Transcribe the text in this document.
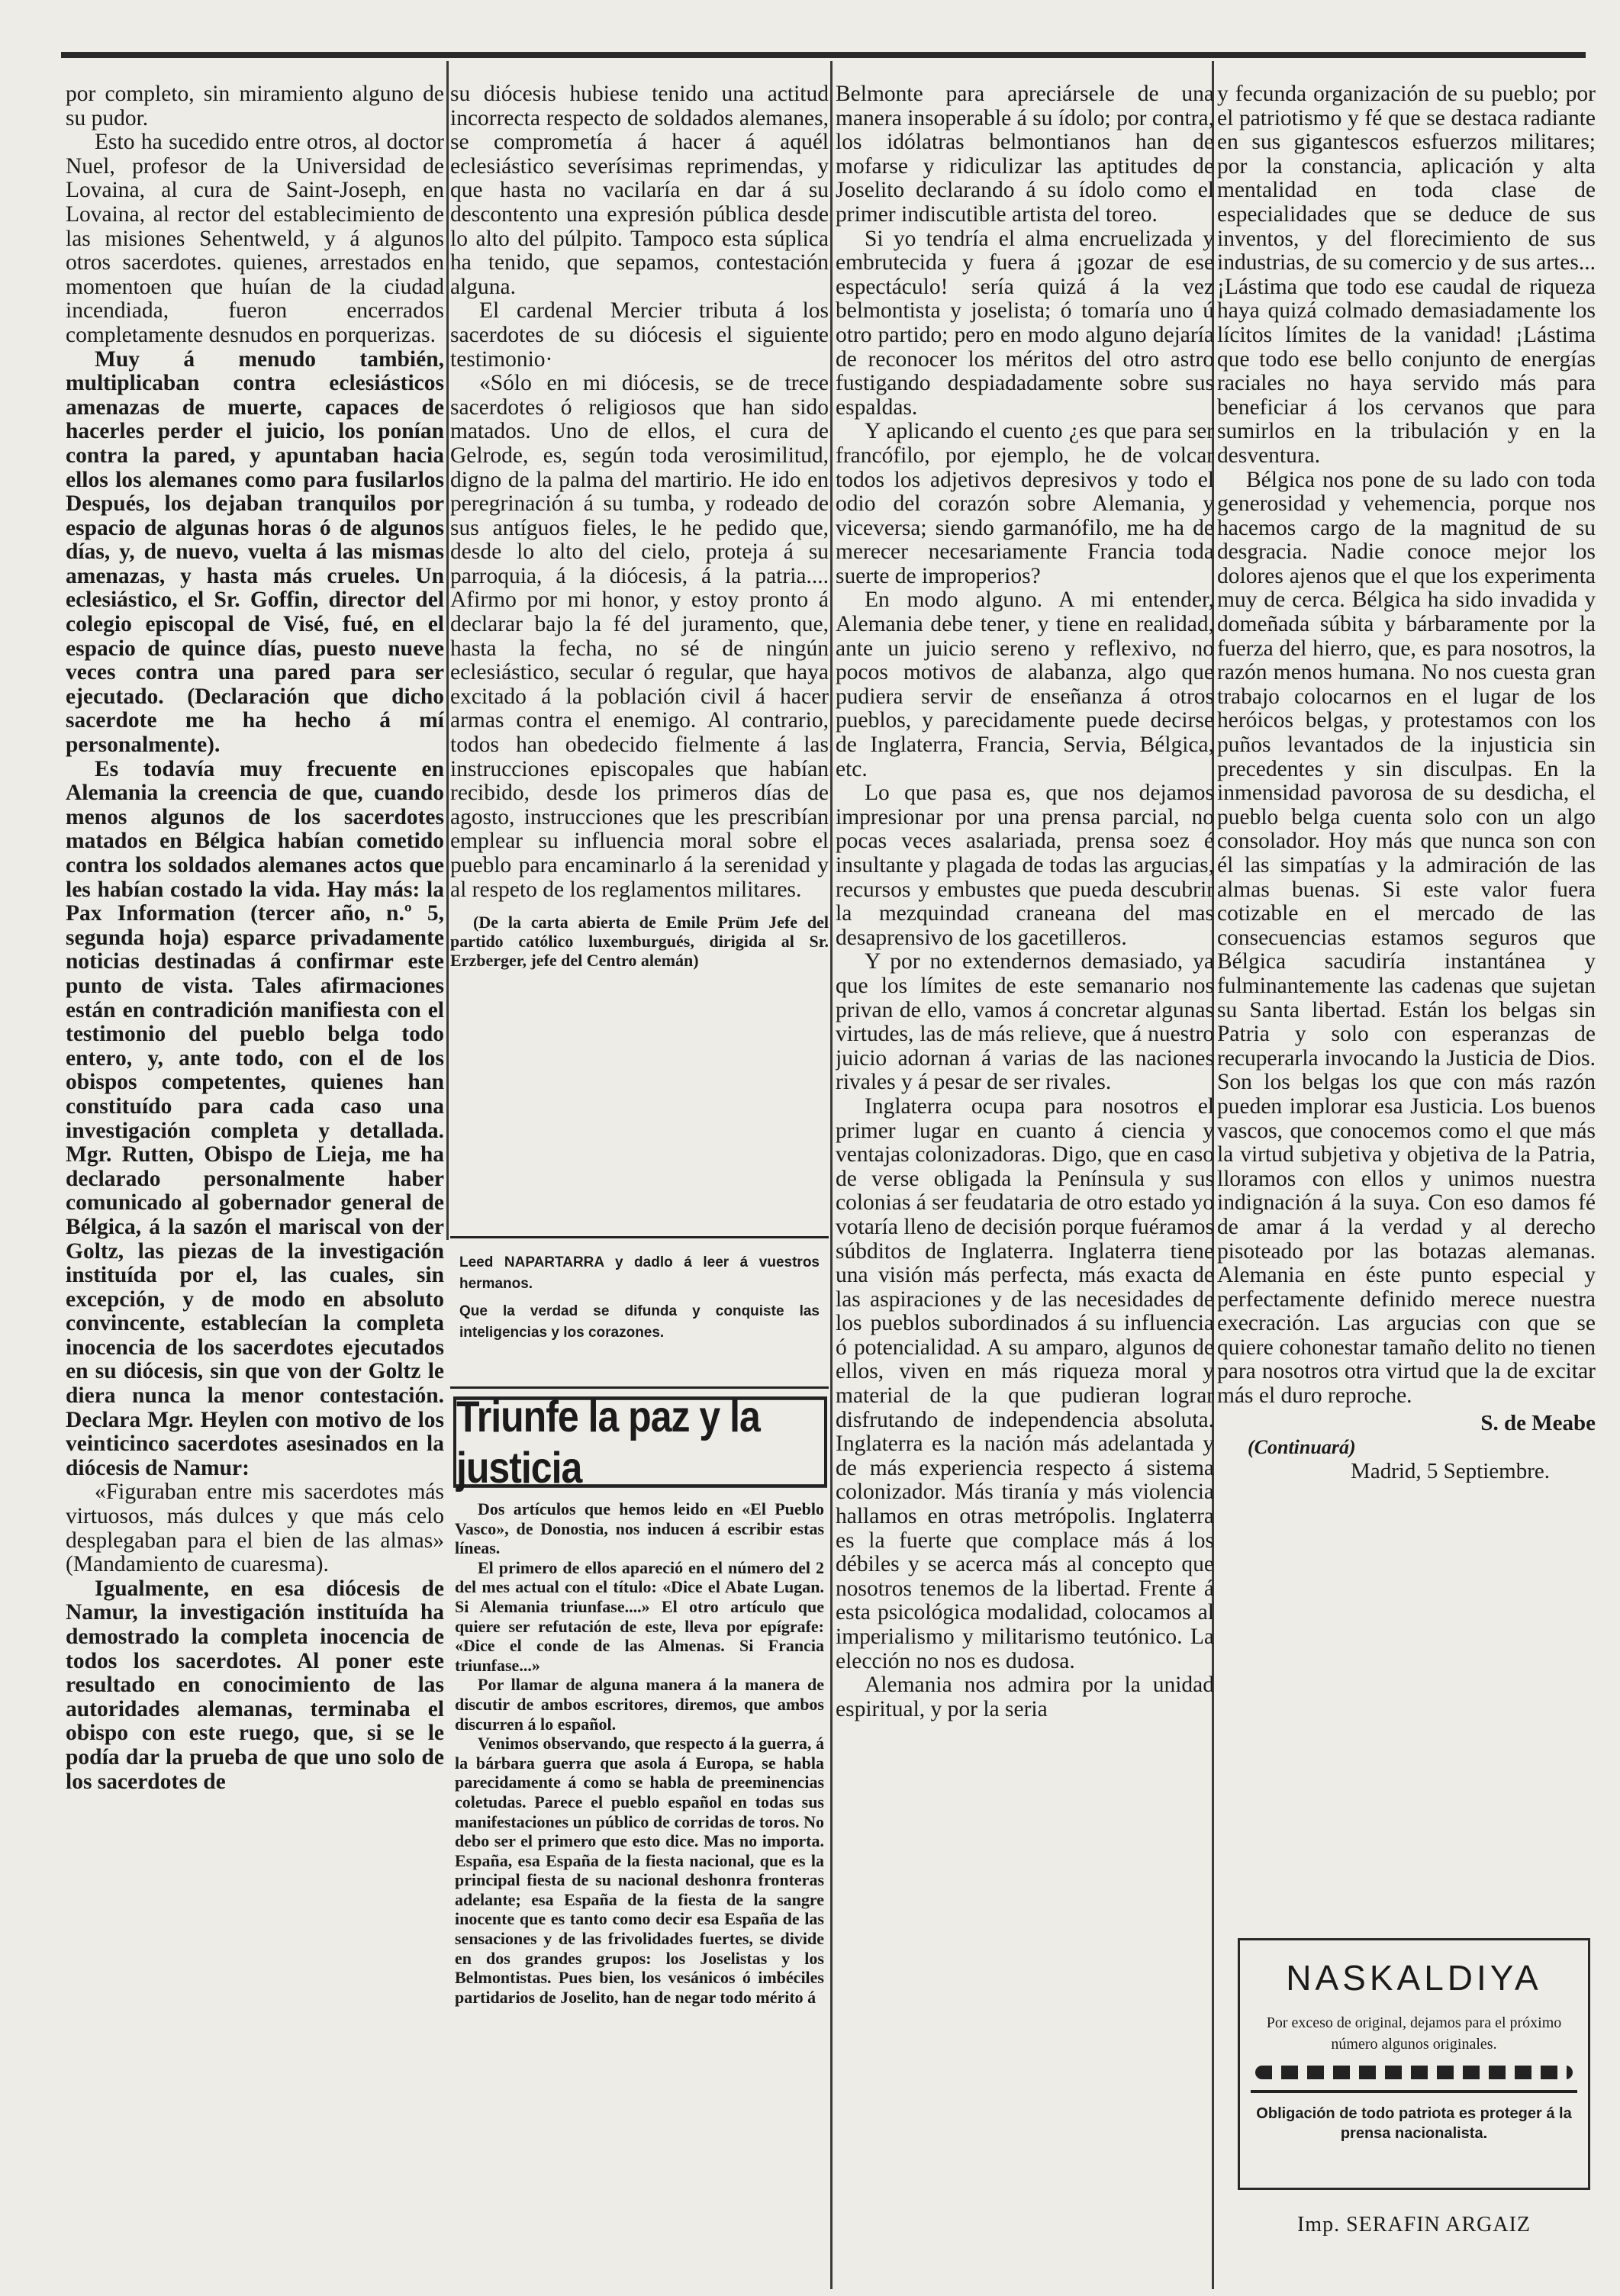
por completo, sin miramiento alguno de su pudor.

Esto ha sucedido entre otros, al doctor Nuel, profesor de la Universidad de Lovaina, al cura de Saint-Joseph, en Lovaina, al rector del establecimiento de las misiones Sehentweld, y á algunos otros sacerdotes. quienes, arrestados en momentoen que huían de la ciudad incendiada, fueron encerrados completamente desnudos en porquerizas.

Muy á menudo también, multiplicaban contra eclesiásticos amenazas de muerte, capaces de hacerles perder el juicio, los ponían contra la pared, y apuntaban hacia ellos los alemanes como para fusilarlos Después, los dejaban tranquilos por espacio de algunas horas ó de algunos días, y, de nuevo, vuelta á las mismas amenazas, y hasta más crueles. Un eclesiástico, el Sr. Goffin, director del colegio episcopal de Visé, fué, en el espacio de quince días, puesto nueve veces contra una pared para ser ejecutado. (Declaración que dicho sacerdote me ha hecho á mí personalmente).

Es todavía muy frecuente en Alemania la creencia de que, cuando menos algunos de los sacerdotes matados en Bélgica habían cometido contra los soldados alemanes actos que les habían costado la vida. Hay más: la Pax Information (tercer año, n.º 5, segunda hoja) esparce privadamente noticias destinadas á confirmar este punto de vista. Tales afirmaciones están en contradición manifiesta con el testimonio del pueblo belga todo entero, y, ante todo, con el de los obispos competentes, quienes han constituído para cada caso una investigación completa y detallada. Mgr. Rutten, Obispo de Lieja, me ha declarado personalmente haber comunicado al gobernador general de Bélgica, á la sazón el mariscal von der Goltz, las piezas de la investigación instituída por el, las cuales, sin excepción, y de modo en absoluto convincente, establecían la completa inocencia de los sacerdotes ejecutados en su diócesis, sin que von der Goltz le diera nunca la menor contestación. Declara Mgr. Heylen con motivo de los veinticinco sacerdotes asesinados en la diócesis de Namur:

«Figuraban entre mis sacerdotes más virtuosos, más dulces y que más celo desplegaban para el bien de las almas» (Mandamiento de cuaresma).

Igualmente, en esa diócesis de Namur, la investigación instituída ha demostrado la completa inocencia de todos los sacerdotes. Al poner este resultado en conocimiento de las autoridades alemanas, terminaba el obispo con este ruego, que, si se le podía dar la prueba de que uno solo de los sacerdotes de

su diócesis hubiese tenido una actitud incorrecta respecto de soldados alemanes, se comprometía á hacer á aquél eclesiástico severísimas reprimendas, y que hasta no vacilaría en dar á su descontento una expresión pública desde lo alto del púlpito. Tampoco esta súplica ha tenido, que sepamos, contestación alguna.

El cardenal Mercier tributa á los sacerdotes de su diócesis el siguiente testimonio·

«Sólo en mi diócesis, se de trece sacerdotes ó religiosos que han sido matados. Uno de ellos, el cura de Gelrode, es, según toda verosimilitud, digno de la palma del martirio. He ido en peregrinación á su tumba, y rodeado de sus antíguos fieles, le he pedido que, desde lo alto del cielo, proteja á su parroquia, á la diócesis, á la patria.... Afirmo por mi honor, y estoy pronto á declarar bajo la fé del juramento, que, hasta la fecha, no sé de ningún eclesiástico, secular ó regular, que haya excitado á la población civil á hacer armas contra el enemigo. Al contrario, todos han obedecido fielmente á las instrucciones episcopales que habían recibido, desde los primeros días de agosto, instrucciones que les prescribían emplear su influencia moral sobre el pueblo para encaminarlo á la serenidad y al respeto de los reglamentos militares.

(De la carta abierta de Emile Prüm Jefe del partido católico luxemburgués, dirigida al Sr. Erzberger, jefe del Centro alemán)

Leed NAPARTARRA y dadlo á leer á vuestros hermanos.
Que la verdad se difunda y conquiste las inteligencias y los corazones.
Triunfe la paz y la justicia

Dos artículos que hemos leido en «El Pueblo Vasco», de Donostia, nos inducen á escribir estas líneas.

El primero de ellos apareció en el número del 2 del mes actual con el título: «Dice el Abate Lugan. Si Alemania triunfase....» El otro artículo que quiere ser refutación de este, lleva por epígrafe: «Dice el conde de las Almenas. Si Francia triunfase...»

Por llamar de alguna manera á la manera de discutir de ambos escritores, diremos, que ambos discurren á lo español.

Venimos observando, que respecto á la guerra, á la bárbara guerra que asola á Europa, se habla parecidamente á como se habla de preeminencias coletudas. Parece el pueblo español en todas sus manifestaciones un público de corridas de toros. No debo ser el primero que esto dice. Mas no importa. España, esa España de la fiesta nacional, que es la principal fiesta de su nacional deshonra fronteras adelante; esa España de la fiesta de la sangre inocente que es tanto como decir esa España de las sensaciones y de las frivolidades fuertes, se divide en dos grandes grupos: los Joselistas y los Belmontistas. Pues bien, los vesánicos ó imbéciles partidarios de Joselito, han de negar todo mérito á

Belmonte para apreciársele de una manera insoperable á su ídolo; por contra, los idólatras belmontianos han de mofarse y ridiculizar las aptitudes de Joselito declarando á su ídolo como el primer indiscutible artista del toreo.

Si yo tendría el alma encruelizada y embrutecida y fuera á ¡gozar de ese espectáculo! sería quizá á la vez belmontista y joselista; ó tomaría uno ú otro partido; pero en modo alguno dejaría de reconocer los méritos del otro astro fustigando despiadadamente sobre sus espaldas.

Y aplicando el cuento ¿es que para ser francófilo, por ejemplo, he de volcar todos los adjetivos depresivos y todo el odio del corazón sobre Alemania, y viceversa; siendo garmanófilo, me ha de merecer necesariamente Francia toda suerte de improperios?

En modo alguno. A mi entender, Alemania debe tener, y tiene en realidad, ante un juicio sereno y reflexivo, no pocos motivos de alabanza, algo que pudiera servir de enseñanza á otros pueblos, y parecidamente puede decirse de Inglaterra, Francia, Servia, Bélgica, etc.

Lo que pasa es, que nos dejamos impresionar por una prensa parcial, no pocas veces asalariada, prensa soez é insultante y plagada de todas las argucias, recursos y embustes que pueda descubrir la mezquindad craneana del mas desaprensivo de los gacetilleros.

Y por no extendernos demasiado, ya que los límites de este semanario nos privan de ello, vamos á concretar algunas virtudes, las de más relieve, que á nuestro juicio adornan á varias de las naciones rivales y á pesar de ser rivales.

Inglaterra ocupa para nosotros el primer lugar en cuanto á ciencia y ventajas colonizadoras. Digo, que en caso de verse obligada la Península y sus colonias á ser feudataria de otro estado yo votaría lleno de decisión porque fuéramos súbditos de Inglaterra. Inglaterra tiene una visión más perfecta, más exacta de las aspiraciones y de las necesidades de los pueblos subordinados á su influencia ó potencialidad. A su amparo, algunos de ellos, viven en más riqueza moral y material de la que pudieran lograr disfrutando de independencia absoluta. Inglaterra es la nación más adelantada y de más experiencia respecto á sistema colonizador. Más tiranía y más violencia hallamos en otras metrópolis. Inglaterra es la fuerte que complace más á los débiles y se acerca más al concepto que nosotros tenemos de la libertad. Frente á esta psicológica modalidad, colocamos al imperialismo y militarismo teutónico. La elección no nos es dudosa.

Alemania nos admira por la unidad espiritual, y por la seria

y fecunda organización de su pueblo; por el patriotismo y fé que se destaca radiante en sus gigantescos esfuerzos militares; por la constancia, aplicación y alta mentalidad en toda clase de especialidades que se deduce de sus inventos, y del florecimiento de sus industrias, de su comercio y de sus artes... ¡Lástima que todo ese caudal de riqueza haya quizá colmado demasiadamente los lícitos límites de la vanidad! ¡Lástima que todo ese bello conjunto de energías raciales no haya servido más para beneficiar á los cervanos que para sumirlos en la tribulación y en la desventura.

Bélgica nos pone de su lado con toda generosidad y vehemencia, porque nos hacemos cargo de la magnitud de su desgracia. Nadie conoce mejor los dolores ajenos que el que los experimenta muy de cerca. Bélgica ha sido invadida y domeñada súbita y bárbaramente por la fuerza del hierro, que, es para nosotros, la razón menos humana. No nos cuesta gran trabajo colocarnos en el lugar de los heróicos belgas, y protestamos con los puños levantados de la injusticia sin precedentes y sin disculpas. En la inmensidad pavorosa de su desdicha, el pueblo belga cuenta solo con un algo consolador. Hoy más que nunca son con él las simpatías y la admiración de las almas buenas. Si este valor fuera cotizable en el mercado de las consecuencias estamos seguros que Bélgica sacudiría instantánea y fulminantemente las cadenas que sujetan su Santa libertad. Están los belgas sin Patria y solo con esperanzas de recuperarla invocando la Justicia de Dios. Son los belgas los que con más razón pueden implorar esa Justicia. Los buenos vascos, que conocemos como el que más la virtud subjetiva y objetiva de la Patria, lloramos con ellos y unimos nuestra indignación á la suya. Con eso damos fé de amar á la verdad y al derecho pisoteado por las botazas alemanas. Alemania en éste punto especial y perfectamente definido merece nuestra execración. Las argucias con que se quiere cohonestar tamaño delito no tienen para nosotros otra virtud que la de excitar más el duro reproche.

S. de Meabe
(Continuará)
Madrid, 5 Septiembre.
NASKALDIYA
Por exceso de original, dejamos para el próximo número algunos originales.
Obligación de todo patriota es proteger á la prensa nacionalista.
Imp. SERAFIN ARGAIZ
